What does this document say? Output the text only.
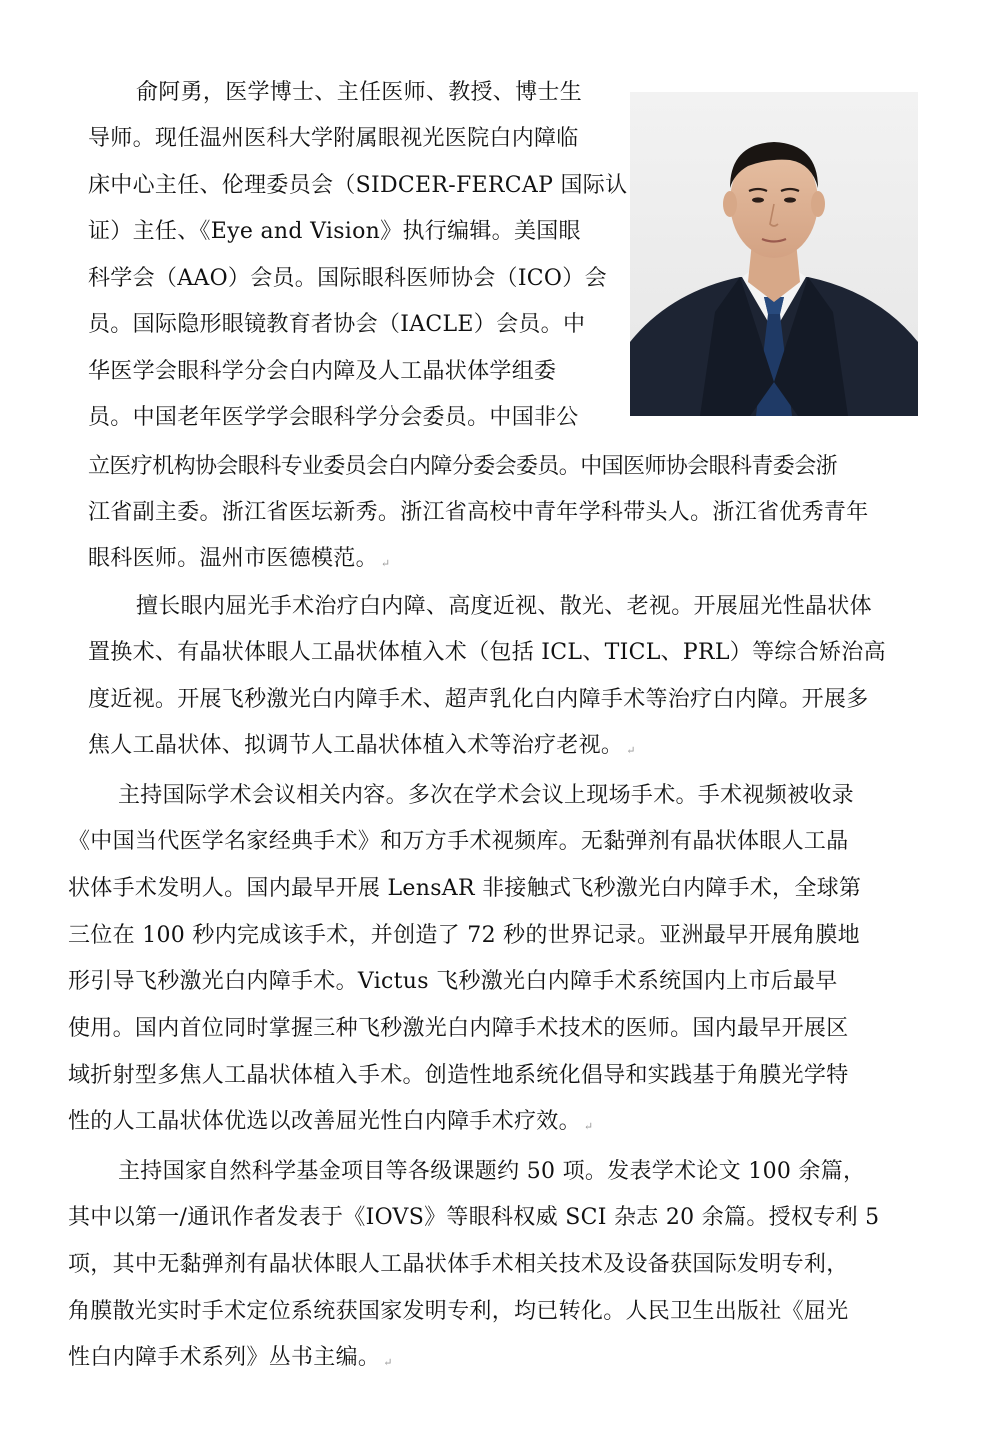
俞阿勇，医学博士、主任医师、教授、博士生
导师。现任温州医科大学附属眼视光医院白内障临
床中心主任、伦理委员会（SIDCER-FERCAP 国际认
证）主任、《Eye and Vision》执行编辑。美国眼
科学会（AAO）会员。国际眼科医师协会（ICO）会
员。国际隐形眼镜教育者协会（IACLE）会员。中
华医学会眼科学分会白内障及人工晶状体学组委
员。中国老年医学学会眼科学分会委员。中国非公
立医疗机构协会眼科专业委员会白内障分委会委员。中国医师协会眼科青委会浙
江省副主委。浙江省医坛新秀。浙江省高校中青年学科带头人。浙江省优秀青年
眼科医师。温州市医德模范。 ↵
擅长眼内屈光手术治疗白内障、高度近视、散光、老视。开展屈光性晶状体
置换术、有晶状体眼人工晶状体植入术（包括 ICL、TICL、PRL）等综合矫治高
度近视。开展飞秒激光白内障手术、超声乳化白内障手术等治疗白内障。开展多
焦人工晶状体、拟调节人工晶状体植入术等治疗老视。 ↵
主持国际学术会议相关内容。多次在学术会议上现场手术。手术视频被收录
《中国当代医学名家经典手术》和万方手术视频库。无黏弹剂有晶状体眼人工晶
状体手术发明人。国内最早开展 LensAR 非接触式飞秒激光白内障手术，全球第
三位在 100 秒内完成该手术，并创造了 72 秒的世界记录。亚洲最早开展角膜地
形引导飞秒激光白内障手术。Victus 飞秒激光白内障手术系统国内上市后最早
使用。国内首位同时掌握三种飞秒激光白内障手术技术的医师。国内最早开展区
域折射型多焦人工晶状体植入手术。创造性地系统化倡导和实践基于角膜光学特
性的人工晶状体优选以改善屈光性白内障手术疗效。 ↵
主持国家自然科学基金项目等各级课题约 50 项。发表学术论文 100 余篇，
其中以第一/通讯作者发表于《IOVS》等眼科权威 SCI 杂志 20 余篇。授权专利 5
项，其中无黏弹剂有晶状体眼人工晶状体手术相关技术及设备获国际发明专利，
角膜散光实时手术定位系统获国家发明专利，均已转化。人民卫生出版社《屈光
性白内障手术系列》丛书主编。 ↵
